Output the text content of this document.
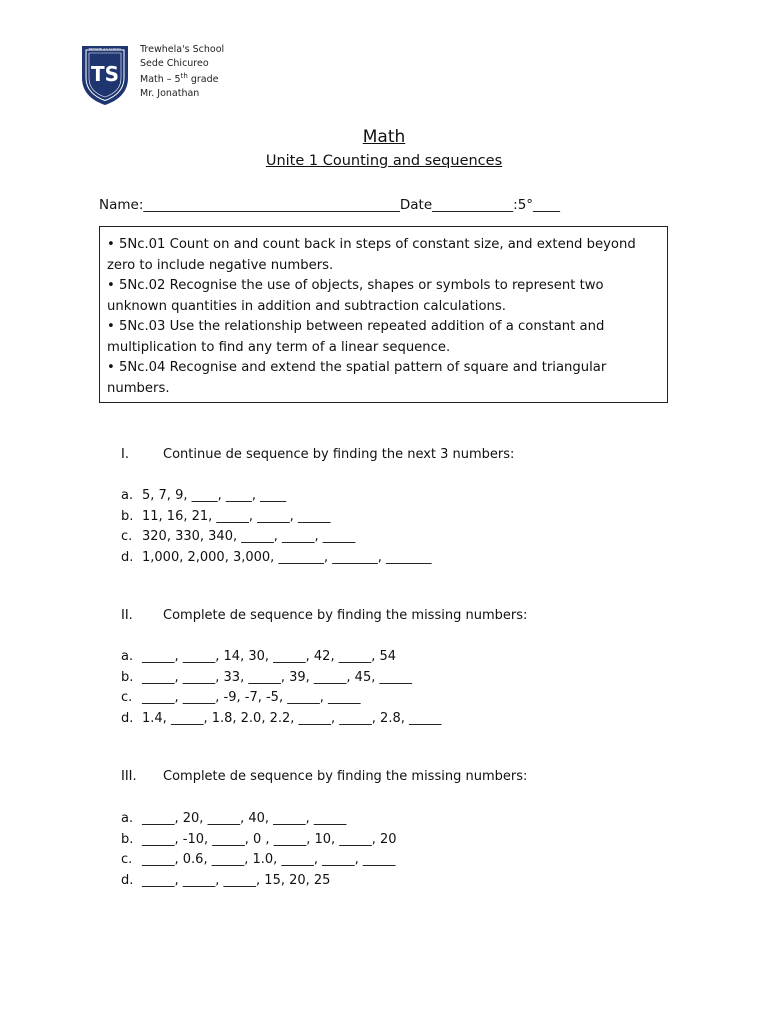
TS
TREWHELA'S SCHOOL Trewhela's School
Sede Chicureo
Math – 5th grade
Mr. Jonathan
Math
Unite 1 Counting and sequences
Name:______________________________________Date____________:5°____

• 5Nc.01 Count on and count back in steps of constant size, and extend beyond zero to include negative numbers.

• 5Nc.02 Recognise the use of objects, shapes or symbols to represent two unknown quantities in addition and subtraction calculations.

• 5Nc.03 Use the relationship between repeated addition of a constant and multiplication to find any term of a linear sequence.

• 5Nc.04 Recognise and extend the spatial pattern of square and triangular numbers.

I.	Continue de sequence by finding the next 3 numbers:
a. 5, 7, 9, ____, ____, ____
b. 11, 16, 21, _____, _____, _____
c. 320, 330, 340, _____, _____, _____
d. 1,000, 2,000, 3,000, _______, _______, _______
II. Complete de sequence by finding the missing numbers:
a. _____, _____, 14, 30, _____, 42, _____, 54
b. _____, _____, 33, _____, 39, _____, 45, _____
c. _____, _____, -9, -7, -5, _____, _____
d. 1.4, _____, 1.8, 2.0, 2.2, _____, _____, 2.8, _____
III. Complete de sequence by finding the missing numbers:
a. _____, 20, _____, 40, _____, _____
b. _____, -10, _____, 0 , _____, 10, _____, 20
c. _____, 0.6, _____, 1.0, _____, _____, _____
d. _____, _____, _____, 15, 20, 25
